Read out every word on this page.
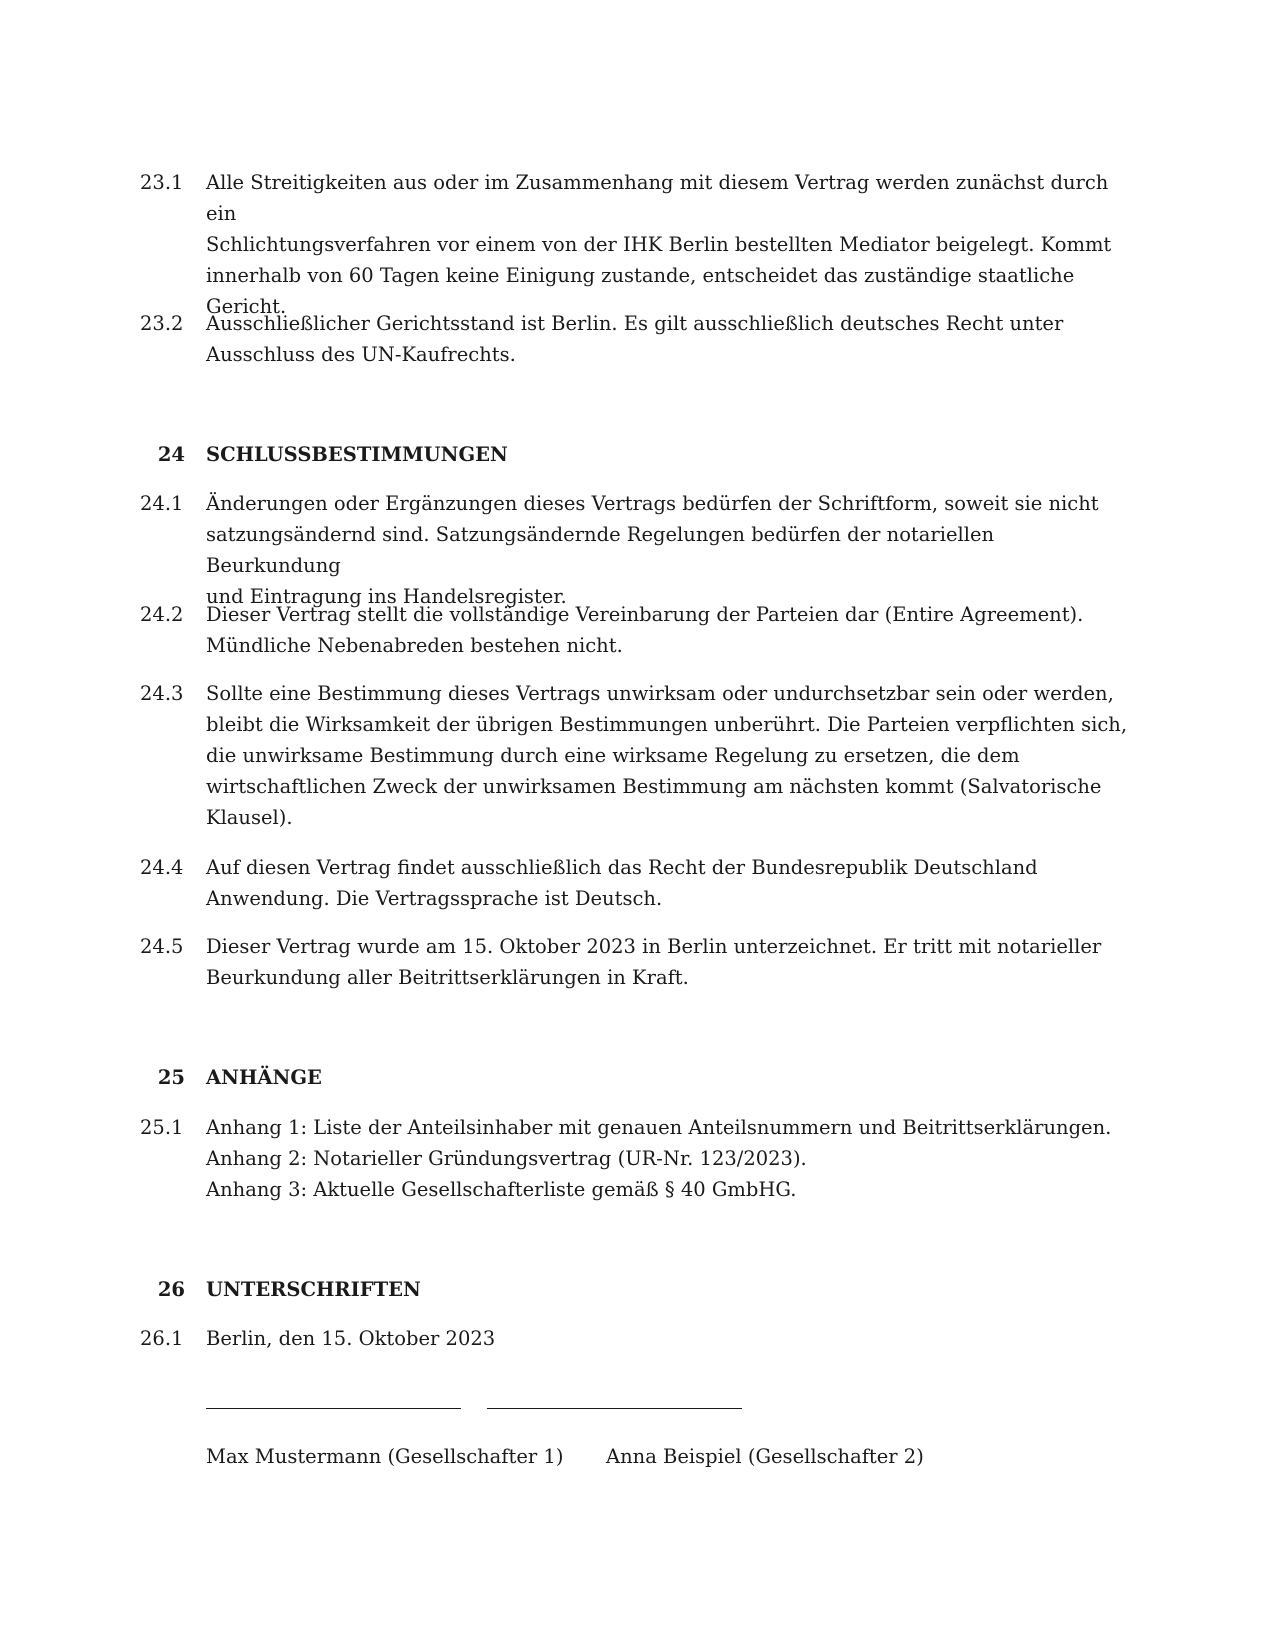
23.1	Alle Streitigkeiten aus oder im Zusammenhang mit diesem Vertrag werden zunächst durch ein
Schlichtungsverfahren vor einem von der IHK Berlin bestellten Mediator beigelegt. Kommt
innerhalb von 60 Tagen keine Einigung zustande, entscheidet das zuständige staatliche
Gericht.
23.2	Ausschließlicher Gerichtsstand ist Berlin. Es gilt ausschließlich deutsches Recht unter
Ausschluss des UN-Kaufrechts.
24	SCHLUSSBESTIMMUNGEN
24.1	Änderungen oder Ergänzungen dieses Vertrags bedürfen der Schriftform, soweit sie nicht
satzungsändernd sind. Satzungsändernde Regelungen bedürfen der notariellen Beurkundung
und Eintragung ins Handelsregister.
24.2	Dieser Vertrag stellt die vollständige Vereinbarung der Parteien dar (Entire Agreement).
Mündliche Nebenabreden bestehen nicht.
24.3	Sollte eine Bestimmung dieses Vertrags unwirksam oder undurchsetzbar sein oder werden,
bleibt die Wirksamkeit der übrigen Bestimmungen unberührt. Die Parteien verpflichten sich,
die unwirksame Bestimmung durch eine wirksame Regelung zu ersetzen, die dem
wirtschaftlichen Zweck der unwirksamen Bestimmung am nächsten kommt (Salvatorische
Klausel).
24.4	Auf diesen Vertrag findet ausschließlich das Recht der Bundesrepublik Deutschland
Anwendung. Die Vertragssprache ist Deutsch.
24.5	Dieser Vertrag wurde am 15. Oktober 2023 in Berlin unterzeichnet. Er tritt mit notarieller
Beurkundung aller Beitrittserklärungen in Kraft.
25	ANHÄNGE
25.1	Anhang 1: Liste der Anteilsinhaber mit genauen Anteilsnummern und Beitrittserklärungen.
Anhang 2: Notarieller Gründungsvertrag (UR-Nr. 123/2023).
Anhang 3: Aktuelle Gesellschafterliste gemäß § 40 GmbHG.
26	UNTERSCHRIFTEN
26.1	Berlin, den 15. Oktober 2023
Max Mustermann (Gesellschafter 1)	Anna Beispiel (Gesellschafter 2)
